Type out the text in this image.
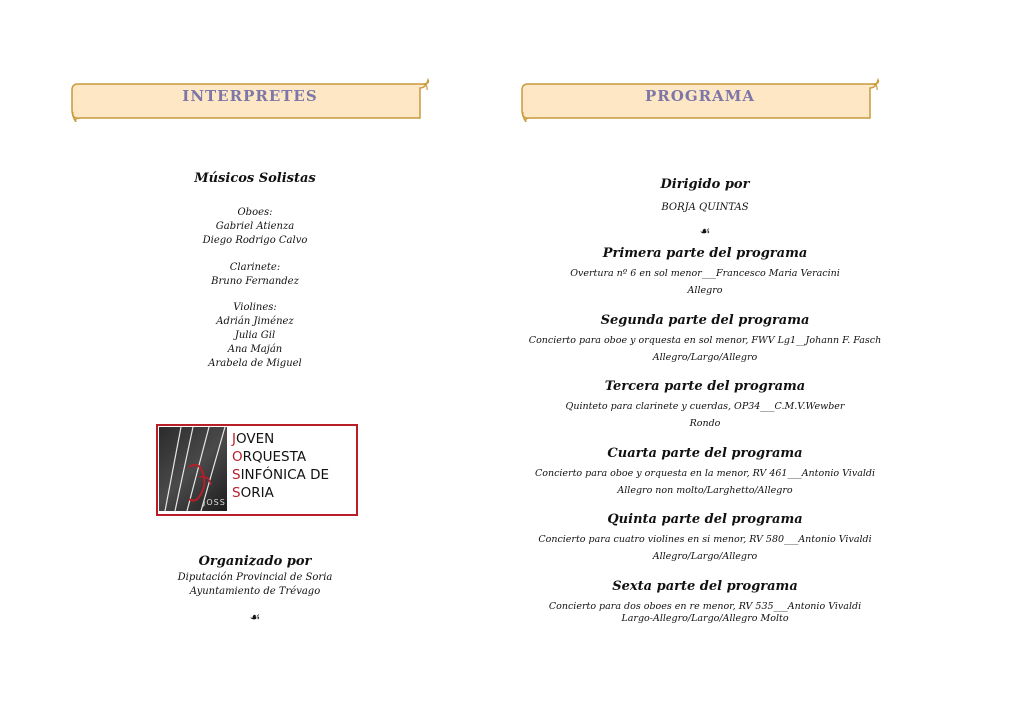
INTERPRETES
Músicos Solistas
Oboes:
Gabriel Atienza
Diego Rodrigo Calvo
Clarinete:
Bruno Fernandez
Violines:
Adrián Jiménez
Julia Gil
Ana Maján
Arabela de Miguel
JOSS
JOVEN
ORQUESTA
SINFÓNICA DE
SORIA
Organizado por
Diputación Provincial de Soria
Ayuntamiento de Trévago
☙
PROGRAMA
Dirigido por
BORJA QUINTAS
☙
Primera parte del programa
Overtura nº 6 en sol menor___Francesco Maria Veracini
Allegro
Segunda parte del programa
Concierto para oboe y orquesta en sol menor, FWV Lg1__Johann F. Fasch
Allegro/Largo/Allegro
Tercera parte del programa
Quinteto para clarinete y cuerdas, OP34___C.M.V.Wewber
Rondo
Cuarta parte del programa
Concierto para oboe y orquesta en la menor, RV 461___Antonio Vivaldi
Allegro non molto/Larghetto/Allegro
Quinta parte del programa
Concierto para cuatro violines en si menor, RV 580___Antonio Vivaldi
Allegro/Largo/Allegro
Sexta parte del programa
Concierto para dos oboes en re menor, RV 535___Antonio Vivaldi
Largo-Allegro/Largo/Allegro Molto
